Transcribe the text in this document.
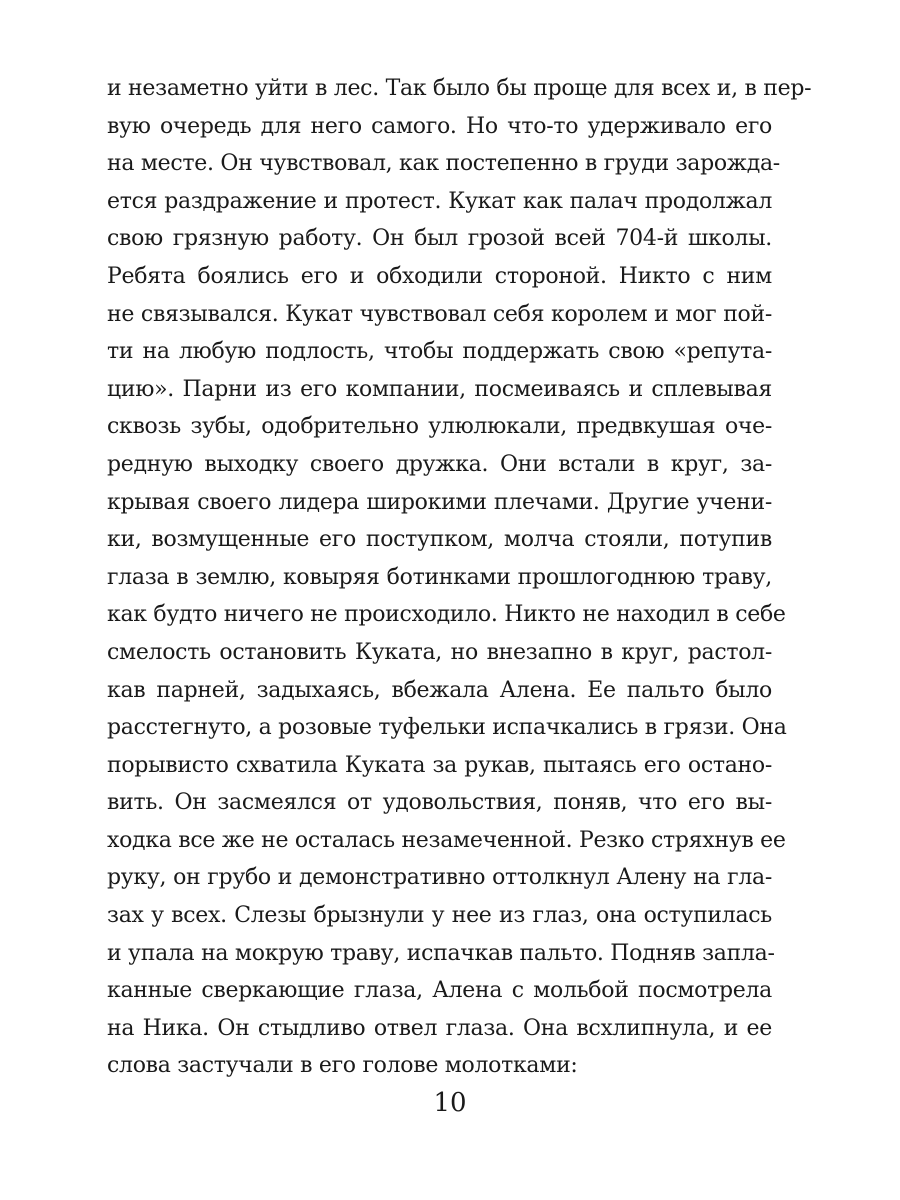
и незаметно уйти в лес. Так было бы проще для всех и, в пер-
вую очередь для него самого. Но что-то удерживало его
на месте. Он чувствовал, как постепенно в груди зарожда-
ется раздражение и протест. Кукат как палач продолжал
свою грязную работу. Он был грозой всей 704-й школы.
Ребята боялись его и обходили стороной. Никто с ним
не связывался. Кукат чувствовал себя королем и мог пой-
ти на любую подлость, чтобы поддержать свою «репута-
цию». Парни из его компании, посмеиваясь и сплевывая
сквозь зубы, одобрительно улюлюкали, предвкушая оче-
редную выходку своего дружка. Они встали в круг, за-
крывая своего лидера широкими плечами. Другие учени-
ки, возмущенные его поступком, молча стояли, потупив
глаза в землю, ковыряя ботинками прошлогоднюю траву,
как будто ничего не происходило. Никто не находил в себе
смелость остановить Куката, но внезапно в круг, растол-
кав парней, задыхаясь, вбежала Алена. Ее пальто было
расстегнуто, а розовые туфельки испачкались в грязи. Она
порывисто схватила Куката за рукав, пытаясь его остано-
вить. Он засмеялся от удовольствия, поняв, что его вы-
ходка все же не осталась незамеченной. Резко стряхнув ее
руку, он грубо и демонстративно оттолкнул Алену на гла-
зах у всех. Слезы брызнули у нее из глаз, она оступилась
и упала на мокрую траву, испачкав пальто. Подняв запла-
канные сверкающие глаза, Алена с мольбой посмотрела
на Ника. Он стыдливо отвел глаза. Она всхлипнула, и ее
слова застучали в его голове молотками:
10
